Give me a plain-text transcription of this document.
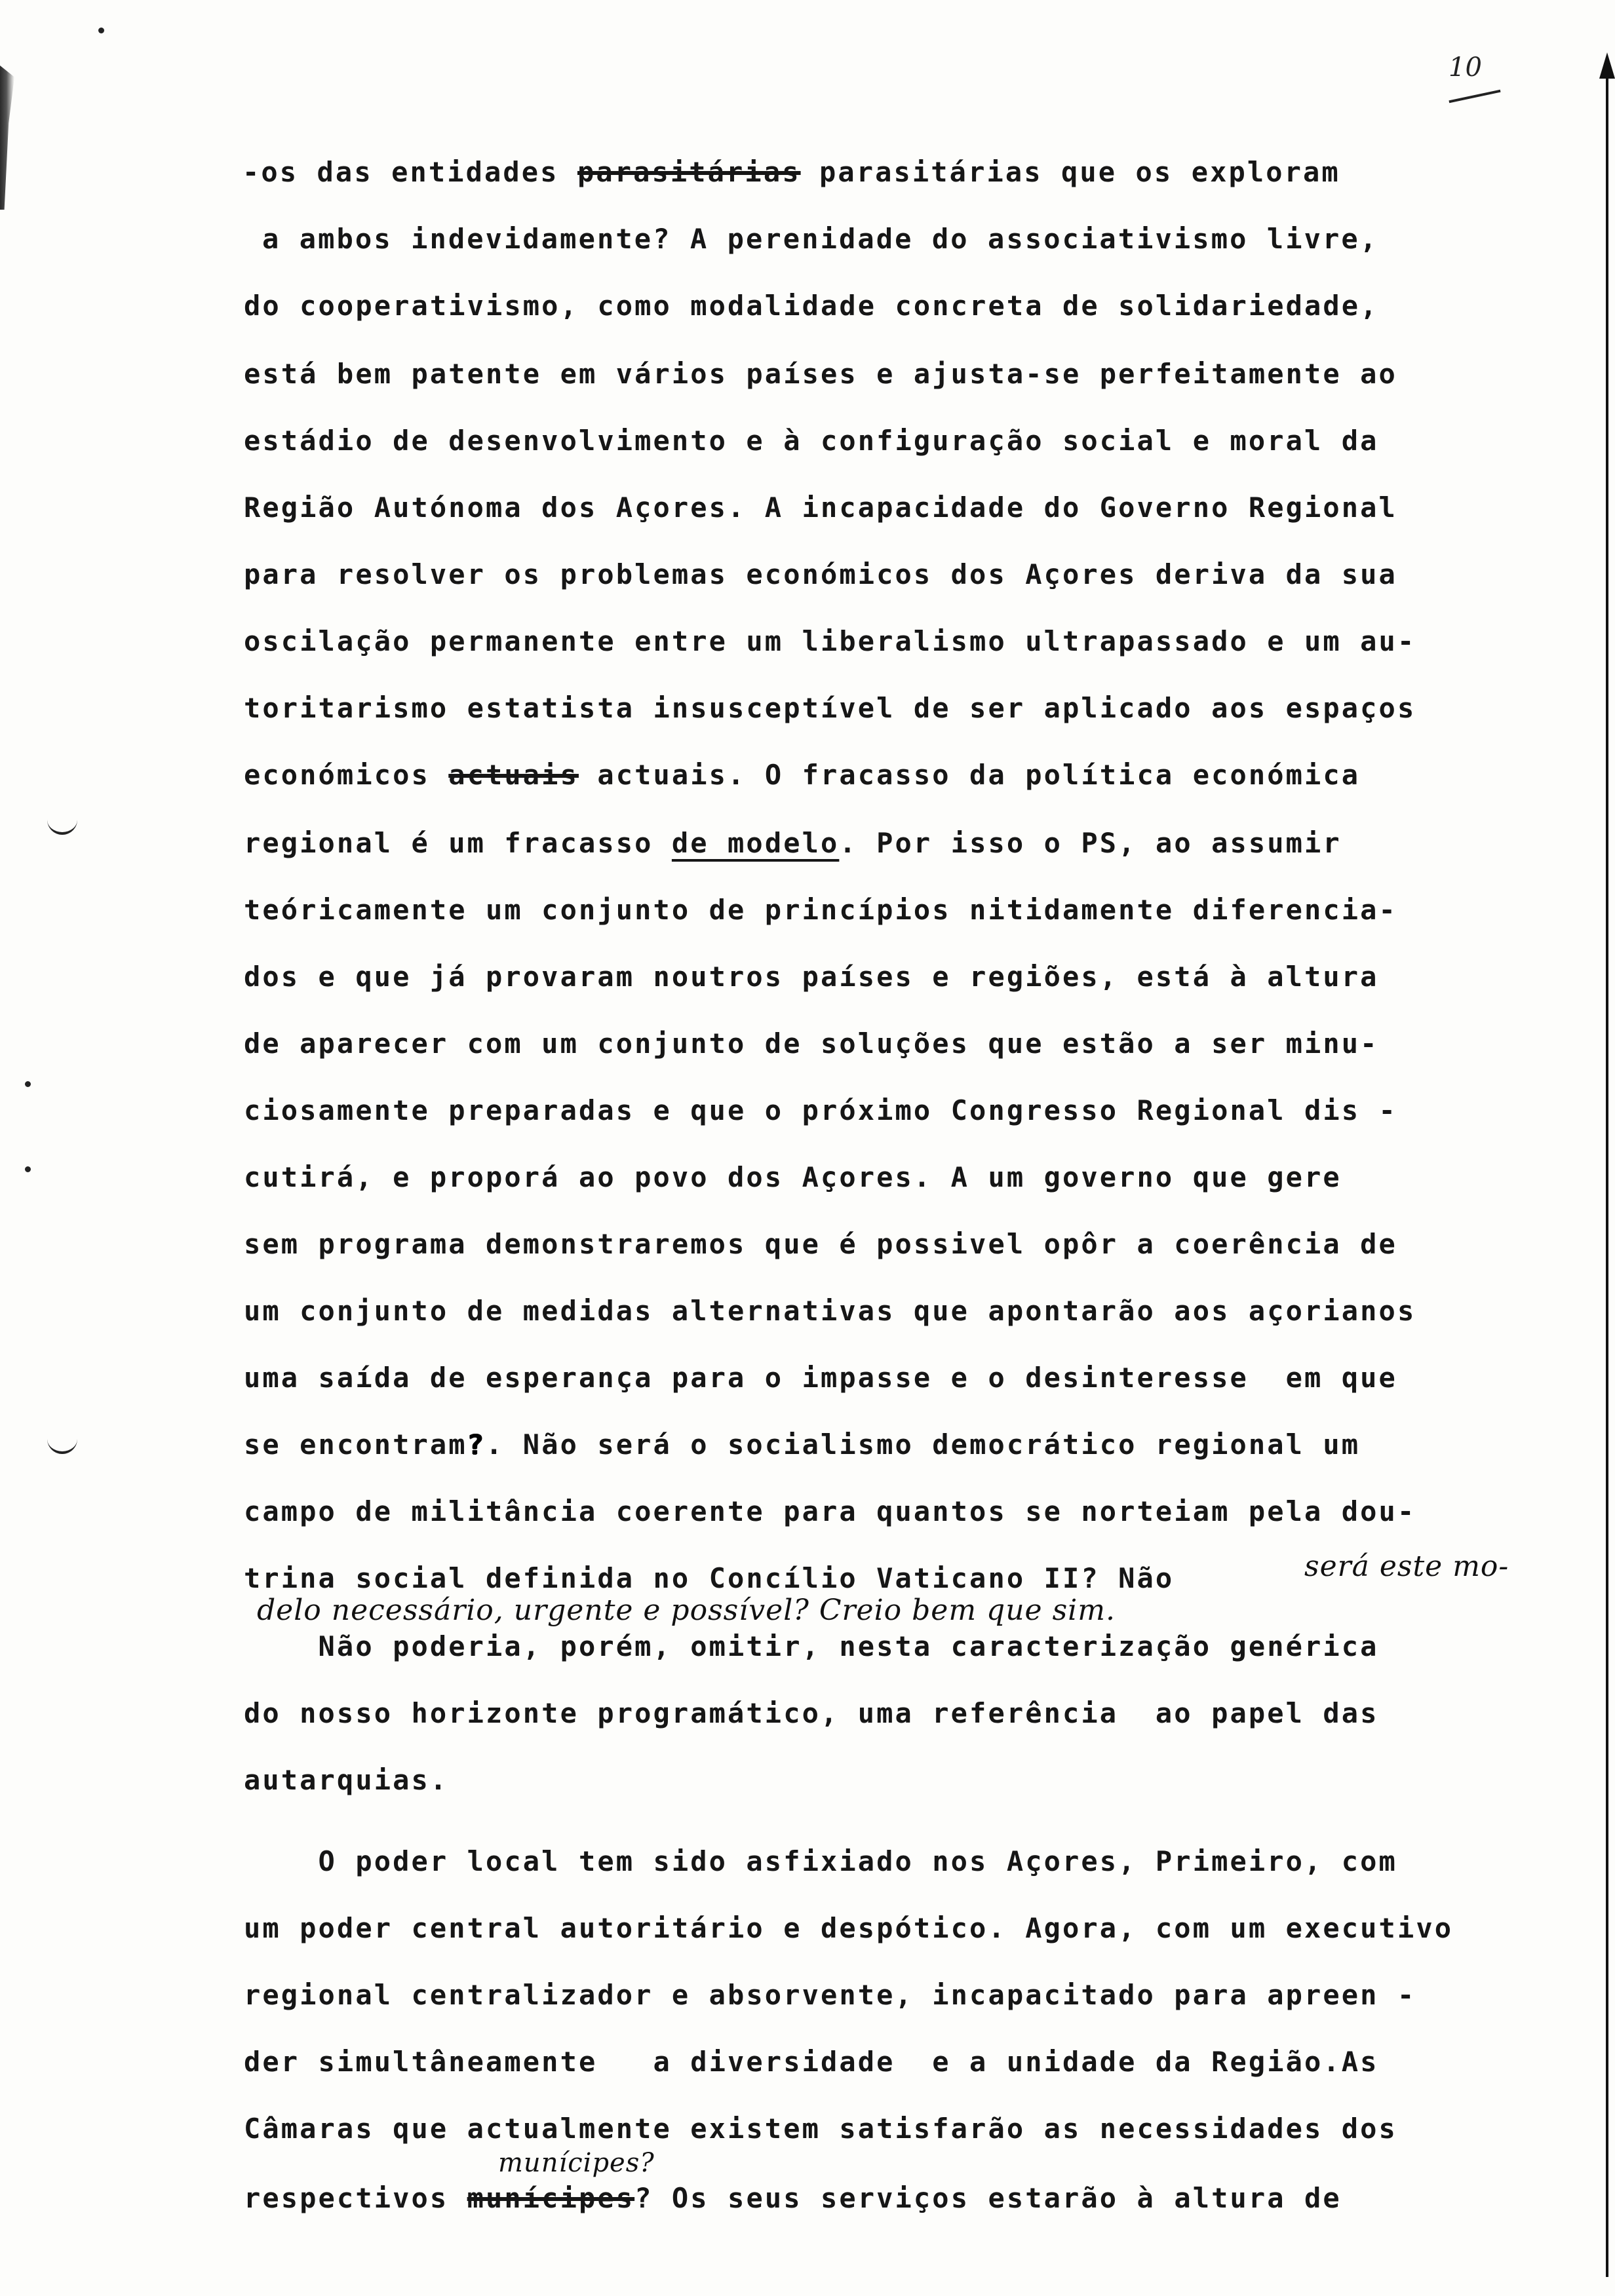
10
-os das entidades parasitárias parasitárias que os exploram
a ambos indevidamente? A perenidade do associativismo livre,
do cooperativismo, como modalidade concreta de solidariedade,
está bem patente em vários países e ajusta-se perfeitamente ao
estádio de desenvolvimento e à configuração social e moral da
Região Autónoma dos Açores. A incapacidade do Governo Regional
para resolver os problemas económicos dos Açores deriva da sua
oscilação permanente entre um liberalismo ultrapassado e um au-
toritarismo estatista insusceptível de ser aplicado aos espaços
económicos actuais actuais. O fracasso da política económica
regional é um fracasso de modelo. Por isso o PS, ao assumir
teóricamente um conjunto de princípios nitidamente diferencia-
dos e que já provaram noutros países e regiões, está à altura
de aparecer com um conjunto de soluções que estão a ser minu-
ciosamente preparadas e que o próximo Congresso Regional dis -
cutirá, e proporá ao povo dos Açores. A um governo que gere
sem programa demonstraremos que é possivel opôr a coerência de
um conjunto de medidas alternativas que apontarão aos açorianos
uma saída de esperança para o impasse e o desinteresse  em que
se encontram?. Não será o socialismo democrático regional um
campo de militância coerente para quantos se norteiam pela dou-
trina social definida no Concílio Vaticano II? Não	será este mo-
delo necessário, urgente e possível? Creio bem que sim.
Não poderia, porém, omitir, nesta caracterização genérica
do nosso horizonte programático, uma referência  ao papel das
autarquias.
O poder local tem sido asfixiado nos Açores, Primeiro, com
um poder central autoritário e despótico. Agora, com um executivo
regional centralizador e absorvente, incapacitado para apreen -
der simultâneamente   a diversidade  e a unidade da Região.As
Câmaras que actualmente existem satisfarão as necessidades dos
munícipes?
respectivos munícipes? Os seus serviços estarão à altura de
